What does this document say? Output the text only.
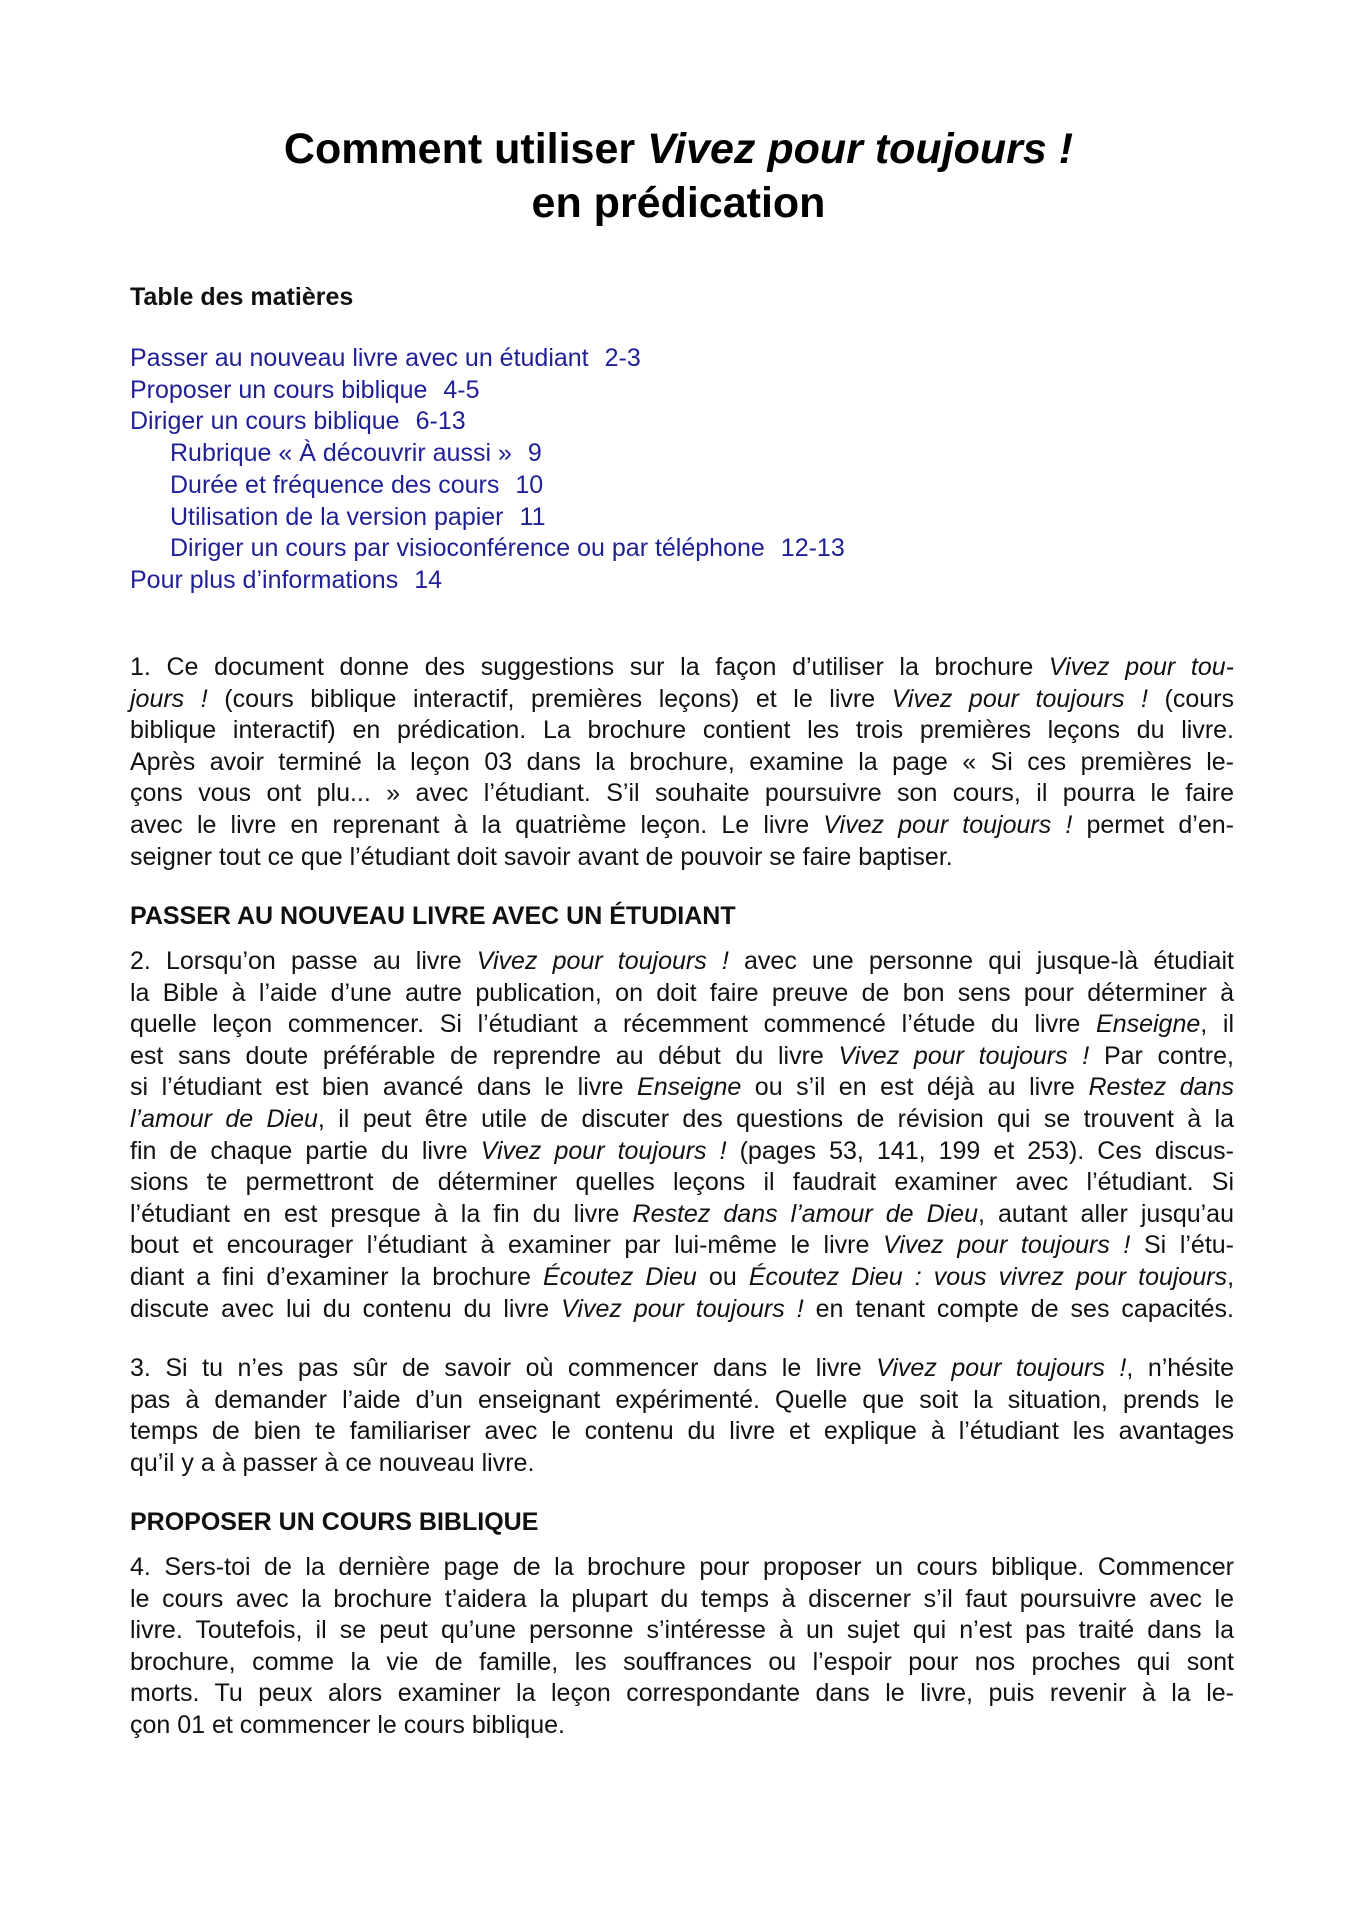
Comment utiliser Vivez pour toujours !
en prédication
Table des matières
Passer au nouveau livre avec un étudiant 2-3
Proposer un cours biblique 4-5
Diriger un cours biblique 6-13
Rubrique « À découvrir aussi » 9
Durée et fréquence des cours 10
Utilisation de la version papier 11
Diriger un cours par visioconférence ou par téléphone 12-13
Pour plus d’informations 14

1. Ce document donne des suggestions sur la façon d’utiliser la brochure Vivez pour tou-
jours ! (cours biblique interactif, premières leçons) et le livre Vivez pour toujours ! (cours
biblique interactif) en prédication. La brochure contient les trois premières leçons du livre.
Après avoir terminé la leçon 03 dans la brochure, examine la page « Si ces premières le-
çons vous ont plu... » avec l’étudiant. S’il souhaite poursuivre son cours, il pourra le faire
avec le livre en reprenant à la quatrième leçon. Le livre Vivez pour toujours ! permet d’en-
seigner tout ce que l’étudiant doit savoir avant de pouvoir se faire baptiser.

PASSER AU NOUVEAU LIVRE AVEC UN ÉTUDIANT

2. Lorsqu’on passe au livre Vivez pour toujours ! avec une personne qui jusque-là étudiait
la Bible à l’aide d’une autre publication, on doit faire preuve de bon sens pour déterminer à
quelle leçon commencer. Si l’étudiant a récemment commencé l’étude du livre Enseigne, il
est sans doute préférable de reprendre au début du livre Vivez pour toujours ! Par contre,
si l’étudiant est bien avancé dans le livre Enseigne ou s’il en est déjà au livre Restez dans
l’amour de Dieu, il peut être utile de discuter des questions de révision qui se trouvent à la
fin de chaque partie du livre Vivez pour toujours ! (pages 53, 141, 199 et 253). Ces discus-
sions te permettront de déterminer quelles leçons il faudrait examiner avec l’étudiant. Si
l’étudiant en est presque à la fin du livre Restez dans l’amour de Dieu, autant aller jusqu’au
bout et encourager l’étudiant à examiner par lui-même le livre Vivez pour toujours ! Si l’étu-
diant a fini d’examiner la brochure Écoutez Dieu ou Écoutez Dieu : vous vivrez pour toujours,
discute avec lui du contenu du livre Vivez pour toujours ! en tenant compte de ses capacités.

3. Si tu n’es pas sûr de savoir où commencer dans le livre Vivez pour toujours !, n’hésite
pas à demander l’aide d’un enseignant expérimenté. Quelle que soit la situation, prends le
temps de bien te familiariser avec le contenu du livre et explique à l’étudiant les avantages
qu’il y a à passer à ce nouveau livre.

PROPOSER UN COURS BIBLIQUE

4. Sers-toi de la dernière page de la brochure pour proposer un cours biblique. Commencer
le cours avec la brochure t’aidera la plupart du temps à discerner s’il faut poursuivre avec le
livre. Toutefois, il se peut qu’une personne s’intéresse à un sujet qui n’est pas traité dans la
brochure, comme la vie de famille, les souffrances ou l’espoir pour nos proches qui sont
morts. Tu peux alors examiner la leçon correspondante dans le livre, puis revenir à la le-
çon 01 et commencer le cours biblique.
